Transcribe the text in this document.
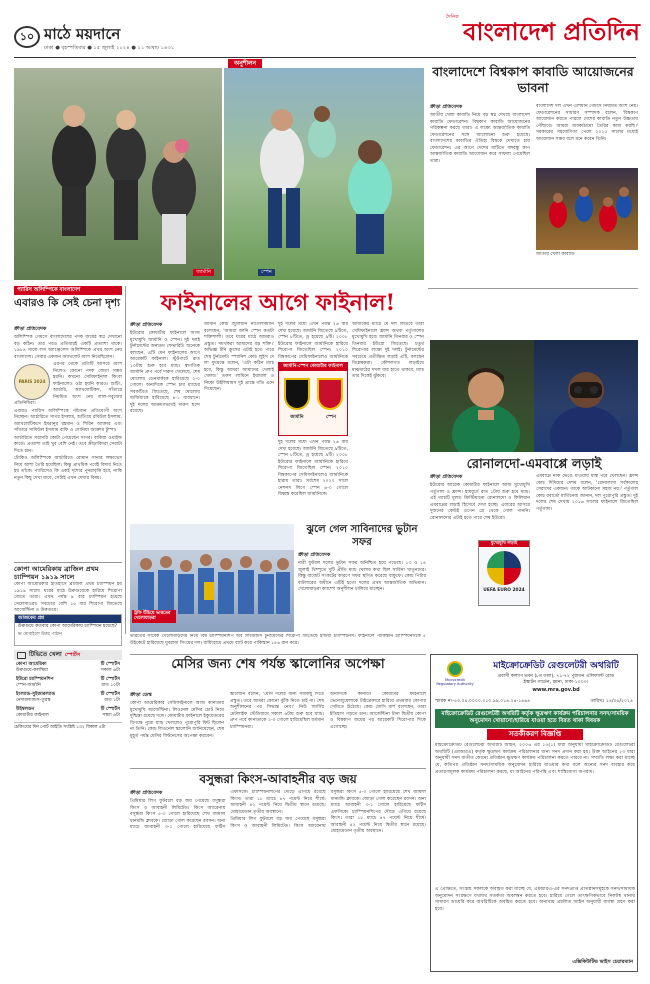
১০ মাঠে ময়দানে
ঢাকা ● বৃহস্পতিবার ● ১৫ জুলাই ২০২৪ ● ২১ আষাঢ় ১৪৩১
দৈনিক বাংলাদেশ প্রতিদিন
অনুশীলন
জার্মানি	স্পেন
বাংলাদেশে বিশ্বকাপ কাবাডি আয়োজনের ভাবনা
ক্রীড়া প্রতিবেদক

জাতীয় খেলা কাবাডি নিয়ে বড় স্বপ্ন দেখছে বাংলাদেশ কাবাডি ফেডারেশন। বিশ্বকাপ কাবাডি আয়োজনের পরিকল্পনা করছে তারা। এ লক্ষ্যে আন্তর্জাতিক কাবাডি ফেডারেশনের সঙ্গে আলোচনা শুরু হয়েছে। বাংলাদেশের কাবাডির ঐতিহ্য বিশ্বকে দেখাতে চায় ফেডারেশন। এর আগে দেশের মাটিতে বঙ্গবন্ধু কাপ আন্তর্জাতিক কাবাডি আয়োজন করে সাফল্য পেয়েছিল তারা।

বাংলাদেশ দল এখন এশিয়ান গেমসে নিয়মিত অংশ নেয়। ফেডারেশনের সাধারণ সম্পাদক বলেন, 'বিশ্বকাপ আয়োজন করতে পারলে দেশের কাবাডি নতুন উচ্চতায় পৌঁছাবে। আমরা অবকাঠামো তৈরির কাজ করছি।' সরকারের সহযোগিতা পেলে ২০২৫ সালের মধ্যেই আয়োজন সম্ভব বলে মনে করেন তিনি।

জাতীয় খেলা কাবাডি

প্যারিস অলিম্পিকে বাংলাদেশ
এবারও কি সেই চেনা দৃশ্য
ক্রীড়া প্রতিবেদক

অলিম্পিক গেমসে বাংলাদেশের পদক জয়ের স্বপ্ন দেখানো বড় কঠিন। তার পরও প্রতিবারই একটি প্রত্যাশা থাকে। ১৯৮৪ সালে লস অ্যাঞ্জেলেস অলিম্পিকে প্রথম অংশ নেয় বাংলাদেশ। সেবার একজন অ্যাথলেট অংশ নিয়েছিলেন।

PARIS 2024

এরপর থেকে প্রতিটি আসরে অংশ নিলেও কোনো পদক জেতা সম্ভব হয়নি। কখনো সেমিফাইনাল কিংবা ফাইনালেও ওঠা হয়নি কারও। শুটিং, আর্চারি, অ্যাথলেটিকস, সাঁতারে নিয়মিত অংশ নেয় লাল-সবুজের প্রতিনিধিরা।

এবারও প্যারিস অলিম্পিকে পাঁচজন প্রতিযোগী অংশ নিচ্ছেন। আর্চারিতে সাগর ইসলাম, শুটিংয়ে রবিউল ইসলাম, অ্যাথলেটিকসে ইমরানুর রহমান ও শিরিন আক্তার এবং সাঁতারে সামিউল ইসলাম রাফি ও সোনিয়া আক্তার টুম্পা।

আর্চারিতে সরাসরি কোটা পেয়েছেন সাগর। বাকিরা ওয়াইল্ড কার্ডে। প্রত্যাশা তাই খুব বেশি নেই। তবে ক্রীড়াবিদরা সেরাটা দিতে চান।

টোকিও অলিম্পিকে আর্চারিতে রোমান সানার লক্ষ্যভেদ নিয়ে আশা তৈরি হয়েছিল। কিন্তু প্রাথমিক পর্বেই বিদায় নিতে হয় তাঁকে। প্যারিসেও কি একই দৃশ্যের পুনরাবৃত্তি হবে, নাকি নতুন কিছু দেখা যাবে, সেটাই এখন দেখার বিষয়।

ফাইনালের আগে ফাইনাল!
ক্রীড়া প্রতিবেদক

ইউরোর কোয়ার্টার ফাইনালে আজ মুখোমুখি জার্মানি ও স্পেন। দুই দলই টুর্নামেন্টের অন্যতম ফেভারিট। অনেকে বলছেন, এটি যেন ফাইনালের আগে আরেকটি ফাইনাল। স্টুটগার্টে রাত ১০টায় শুরু হবে ম্যাচ। স্বাগতিক জার্মানি গ্রুপ পর্বে দারুণ খেলেছে, শেষ ষোলোয় ডেনমার্ককে হারিয়েছে ২-০ গোলে। অন্যদিকে স্পেন চার ম্যাচের সবকটিতে জিতেছে, শেষ ষোলোয় জর্জিয়াকে হারিয়েছে ৪-১ ব্যবধানে। দুই দলের আক্রমণভাগই দারুণ ছন্দে রয়েছে।

জার্মান কোচ জুলিয়ান নাগেলসম্যান বলেছেন, 'আমরা জানি স্পেন কতটা শক্তিশালী। তবে ঘরের মাঠে আমরাও প্রস্তুত। সমর্থকরা আমাদের বড় শক্তি।' অভিজ্ঞ টনি ক্রুসের এটাই হতে পারে শেষ টুর্নামেন্ট। স্প্যানিশ কোচ লুইস দে লা ফুয়েন্তে বলেন, 'এটা কঠিন ম্যাচ হবে, কিন্তু আমরা আমাদের খেলাই খেলব।' তরুণ লামিনে ইয়ামাল ও নিকো উইলিয়ামস দুই প্রান্তে গতি এনে দিয়েছেন।

দুই দলের মধ্যে এখন পর্যন্ত ২৬ বার দেখা হয়েছে। জার্মানি জিতেছে ৯টিতে, স্পেন ৮টিতে, ড্র হয়েছে ৯টি। ২০০৮ ইউরোর ফাইনালে জার্মানিকে হারিয়ে শিরোপা জিতেছিল স্পেন। ২০১০ বিশ্বকাপের সেমিফাইনালেও জার্মানিকে

আজকের ম্যাচে যে দল জিতবে তারা সেমিফাইনালে ফ্রান্স অথবা পর্তুগালের মুখোমুখি হবে। জার্মানি তিনবার ও স্পেন তিনবার ইউরো জিতেছে। চতুর্থ শিরোপার লক্ষ্যে দুই দলই। টুর্নামেন্টের সবচেয়ে প্রতীক্ষিত লড়াই এটি, বলছেন বিশ্লেষকরা। কৌশলগত লড়াইয়ে মাঝমাঠের দখল যার হাতে থাকবে, ম্যাচ তার দিকেই ঝুঁকবে।

জার্মানি-স্পেন কোয়ার্টার ফাইনাল
জার্মানি	স্পেন

দুই দলের মধ্যে এখন পর্যন্ত ২৬ বার দেখা হয়েছে। জার্মানি জিতেছে ৯টিতে, স্পেন ৮টিতে, ড্র হয়েছে ৯টি। ২০০৮ ইউরোর ফাইনালে জার্মানিকে হারিয়ে শিরোপা জিতেছিল স্পেন। ২০১০ বিশ্বকাপের সেমিফাইনালেও জার্মানিকে হারায় তারা। সর্বশেষ ২০২০ সালে নেশনস লিগে স্পেন ৬-০ গোলে বিধ্বস্ত করেছিল জার্মানিকে।

ট্রফি উঁচিয়ে ভারতের খেলোয়াড়রা

ভারতের সাবেক খেলোয়াড়দের নিয়ে বিশ্ব চ্যাম্পিয়নশিপ অব লিজেন্ডস টুর্নামেন্টের শিরোপা জিতেছে ইন্ডিয়া চ্যাম্পিয়নস। ফাইনালে পাকিস্তান চ্যাম্পিয়নসকে ৫ উইকেটে হারিয়েছে যুবরাজ সিংয়ের দল। বার্মিংহামে প্রথমে ব্যাট করে পাকিস্তান ১৫৬ রান করে।

ঝুলে গেল সাবিনাদের ভুটান সফর
ক্রীড়া প্রতিবেদক

নারী ফুটবল দলের ভুটান সফর অনিশ্চিত হয়ে পড়েছে। ১৩ ও ১৪ জুলাই থিম্পুতে দুটি প্রীতি ম্যাচ খেলার কথা ছিল সাবিনা খাতুনদের। কিন্তু বাজেট সংকটের কারণে সফর স্থগিত করেছে বাফুফে। কোচ পিটার বাটলারের অধীনে এটিই হতো দলের প্রথম আন্তর্জাতিক অভিযান। খেলোয়াড়রা ক্যাম্পে অনুশীলন চালিয়ে যাচ্ছেন।

রোনালদো-এমবাপ্পে লড়াই
ক্রীড়া প্রতিবেদক

ইউরোর আরেক কোয়ার্টার ফাইনালে আজ মুখোমুখি পর্তুগাল ও ফ্রান্স। হামবুর্গে রাত ১টায় শুরু হবে ম্যাচ। এই ম্যাচটি মূলত ক্রিস্টিয়ানো রোনালদো ও কিলিয়ান এমবাপ্পের লড়াই হিসেবে দেখা হচ্ছে। এবারের আসরে দুজনের কেউই ওপেন প্লে থেকে গোল পাননি। রোনালদোর এটাই হতে পারে শেষ ইউরো।

মুখোমুখি লড়াই
UEFA EURO 2024

এমবাপ্পে নাক ভেঙে যাওয়ায় মাস্ক পরে খেলছেন। ফ্রান্স কোচ দিদিয়ের দেশম বলেন, 'রোনালদো সর্বকালের সেরাদের একজন। তাকে আটকানো সহজ নয়।' পর্তুগাল কোচ রবার্তো মার্তিনেজ জানান, দল পুরোপুরি প্রস্তুত। দুই দলের শেষ দেখায় ২০১৬ সালের ফাইনালে জিতেছিল পর্তুগাল।

কোপা আমেরিকায় ব্রাজিল প্রথম চ্যাম্পিয়ন ১৯১৯ সালে

কোপা আমেরিকার ইতিহাসে ব্রাজিল প্রথম চ্যাম্পিয়ন হয় ১৯১৯ সালে। ঘরের মাঠে উরুগুয়েকে হারিয়ে শিরোপা জেতে তারা। এখন পর্যন্ত ৯ বার চ্যাম্পিয়ন হয়েছে সেলেসাওরা। সবচেয়ে বেশি ১৫ বার শিরোপা জিতেছে আর্জেন্টিনা ও উরুগুয়ে।

আজকের প্রশ্ন
উরুগুয়ে কতবার কোপা আমেরিকায় চ্যাম্পিয়ন হয়েছে?
✉ মোবাইলে উত্তর পাঠান
টিভিতে খেলা স্পোর্টস
কোপা আমেরিকা	টি স্পোর্টস
উরুগুয়ে-কলম্বিয়া	সকাল ৬টা
ইউরো চ্যাম্পিয়নশিপ	টি স্পোর্টস
স্পেন-জার্মানি	রাত ১০টা
ইংল্যান্ড-সুইজারল্যান্ড	টি স্পোর্টস
নেদারল্যান্ডস-তুরস্ক	রাত ১টা
উইম্বলডন	টি স্পোর্টস
কোয়ার্টার ফাইনাল	সন্ধ্যা ৬টা
চেকিংয়ের দিন পোর্ট আইডি সংশ্লিষ্ট ১৩২ বিকাল ৪টা
মেসির জন্য শেষ পর্যন্ত স্কালোনির অপেক্ষা
ক্রীড়া ডেস্ক

কোপা আমেরিকার সেমিফাইনালে আজ কানাডার মুখোমুখি আর্জেন্টিনা। লিওনেল মেসির চোট নিয়ে দুশ্চিন্তা রয়েছে দলে। কোয়ার্টার ফাইনালে ইকুয়েডরের বিপক্ষে পুরো ম্যাচ খেললেও পুরোপুরি ফিট ছিলেন না তিনি। কোচ লিওনেল স্কালোনি জানিয়েছেন, শেষ মুহূর্ত পর্যন্ত মেসির ফিটনেসের অপেক্ষা করবেন।

স্কালোনি বলেন, 'মেসি দলের জন্য সবকিছু দিতে প্রস্তুত। তবে আমরা কোনো ঝুঁকি নিতে চাই না। শেষ অনুশীলনের পর সিদ্ধান্ত নেব।' নিউ জার্সির মেটলাইফ স্টেডিয়ামে সকাল ৬টায় শুরু হবে ম্যাচ। গ্রুপ পর্বে কানাডাকে ২-০ গোলে হারিয়েছিল বর্তমান চ্যাম্পিয়নরা।

অন্যদিকে কানাডা কোয়ার্টার ফাইনালে ভেনেজুয়েলাকে টাইব্রেকারে হারিয়ে প্রথমবার কোপার সেমিতে উঠেছে। কোচ জেসি মার্শ বলেছেন, তারা ইতিহাস গড়তে চান। আর্জেন্টিনা টানা দ্বিতীয় কোপা ও বিশ্বকাপ জয়ের পর আরেকটি শিরোপার দিকে এগোচ্ছে।

বসুন্ধরা কিংস-আবাহনীর বড় জয়
ক্রীড়া প্রতিবেদক

প্রিমিয়ার লিগ ফুটবলে বড় জয় পেয়েছে বসুন্ধরা কিংস ও আবাহনী লিমিটেড। কিংস অ্যারেনায় বসুন্ধরা কিংস ৫-০ গোলে হারিয়েছে শেখ জামাল ধানমন্ডি ক্লাবকে। জোড়া গোল করেছেন রবসন। অন্য ম্যাচে আবাহনী ৩-১ গোলে হারিয়েছে ফর্টিস এফসিকে। চ্যাম্পিয়নশিপের দৌড়ে এগিয়ে রয়েছে কিংস। তারা ১৮ ম্যাচে ৪৭ পয়েন্ট নিয়ে শীর্ষে। আবাহনী ৪২ পয়েন্ট নিয়ে দ্বিতীয় স্থানে রয়েছে। মোহামেডান তৃতীয় অবস্থানে।

প্রিমিয়ার লিগ ফুটবলে বড় জয় পেয়েছে বসুন্ধরা কিংস ও আবাহনী লিমিটেড। কিংস অ্যারেনায় বসুন্ধরা কিংস ৫-০ গোলে হারিয়েছে শেখ জামাল ধানমন্ডি ক্লাবকে। জোড়া গোল করেছেন রবসন। অন্য ম্যাচে আবাহনী ৩-১ গোলে হারিয়েছে ফর্টিস এফসিকে। চ্যাম্পিয়নশিপের দৌড়ে এগিয়ে রয়েছে কিংস। তারা ১৮ ম্যাচে ৪৭ পয়েন্ট নিয়ে শীর্ষে। আবাহনী ৪২ পয়েন্ট নিয়ে দ্বিতীয় স্থানে রয়েছে। মোহামেডান তৃতীয় অবস্থানে।

Microcredit Regulatory Authority
মাইক্রোক্রেডিট রেগুলেটরী অথরিটি
প্রবাসী কল্যাণ ভবন (৮ম তলা), ৭১-৭২ পুরাতন এলিফ্যান্ট রোড
ইস্কাটন গার্ডেন, রমনা, ঢাকা-১০০০।
www.mra.gov.bd
স্মারক নং-৫৩.০৪.০০০০.০১০.৯৯.০১৪.২৪-১৪৬৪	তারিখঃ ২৪/০৬/২০২৪
মাইক্রোক্রেডিট রেগুলেটরী অথরিটি কর্তৃক ক্ষুদ্রঋণ কার্যক্রম পরিচালনার সনদ/সাময়িক অনুমোদন খোয়ানো/হারিয়ে যাওয়া হতে বিরত থাকা বিষয়ক
সতর্কীকরণ বিজ্ঞপ্তি
মাইক্রোক্রেডিট রেগুলেটরী অথরিটি আইন, ২০০৬ এর ১৫(১) ধারা অনুযায়ী মাইক্রোক্রেডিট রেগুলেটরী অথরিটি (এমআরএ) কর্তৃক ক্ষুদ্রঋণ কার্যক্রম পরিচালনার জন্য সনদ প্রদান করা হয়। উক্ত আইনের ২৩ ধারা অনুযায়ী সনদ ব্যতীত কোনো প্রতিষ্ঠান ক্ষুদ্রঋণ কার্যক্রম পরিচালনা করতে পারবে না। সম্প্রতি লক্ষ্য করা যাচ্ছে যে, কতিপয় প্রতিষ্ঠান সনদ/সাময়িক অনুমোদন হারিয়ে যাওয়ার কথা বলে অন্যের সনদ ব্যবহার করে প্রতারণামূলক কার্যক্রম পরিচালনা করছে, যা আইনের পরিপন্থি এবং শাস্তিযোগ্য অপরাধ।
এ প্রেক্ষিতে, সংশ্লিষ্ট সকলকে অবহিত করা যাচ্ছে যে, এমআরএ-এর সনদপ্রাপ্ত প্রতিষ্ঠানসমূহকে সনদ/সাময়িক অনুমোদন সংরক্ষণে যথাযথ সতর্কতা অবলম্বন করতে হবে। হারিয়ে গেলে তাৎক্ষণিকভাবে নিকটস্থ থানায় সাধারণ ডায়েরি করে অথরিটিকে অবহিত করতে হবে। অন্যথায় প্রচলিত আইন অনুযায়ী ব্যবস্থা গ্রহণ করা হবে।
এক্সিকিউটিভ ভাইস চেয়ারম্যান
